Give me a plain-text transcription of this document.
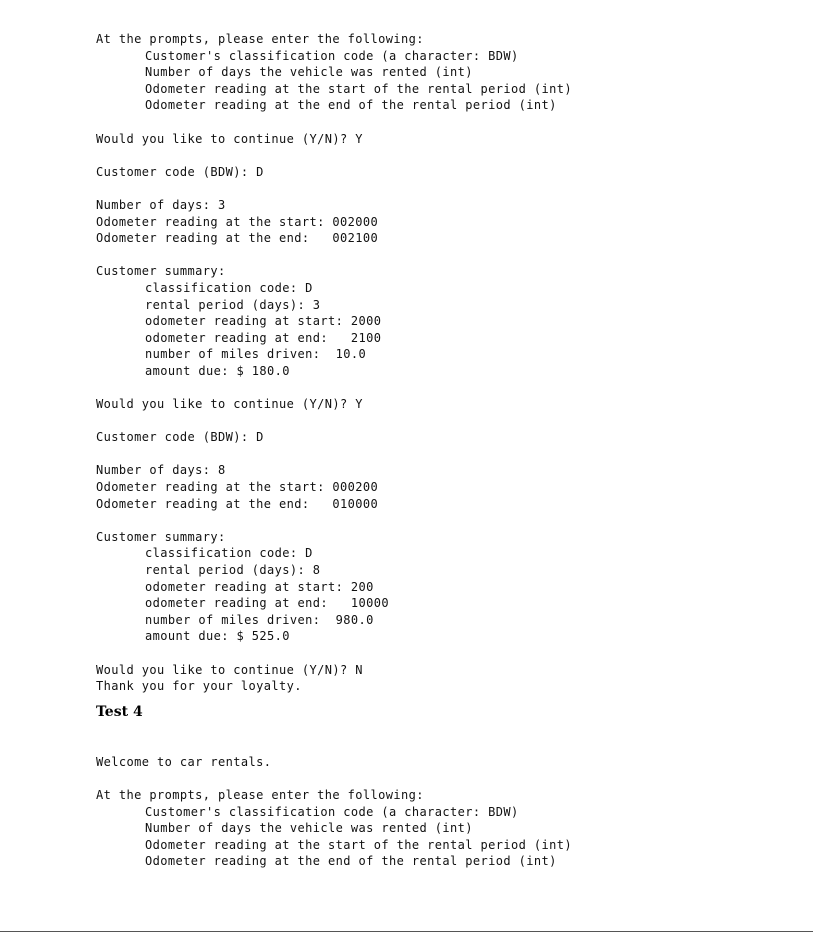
At the prompts, please enter the following:

Customer's classification code (a character: BDW)

Number of days the vehicle was rented (int)

Odometer reading at the start of the rental period (int)

Odometer reading at the end of the rental period (int)

Would you like to continue (Y/N)? Y

Customer code (BDW): D

Number of days: 3

Odometer reading at the start: 002000

Odometer reading at the end:   002100

Customer summary:

classification code: D

rental period (days): 3

odometer reading at start: 2000

odometer reading at end:   2100

number of miles driven:  10.0

amount due: $ 180.0

Would you like to continue (Y/N)? Y

Customer code (BDW): D

Number of days: 8

Odometer reading at the start: 000200

Odometer reading at the end:   010000

Customer summary:

classification code: D

rental period (days): 8

odometer reading at start: 200

odometer reading at end:   10000

number of miles driven:  980.0

amount due: $ 525.0

Would you like to continue (Y/N)? N

Thank you for your loyalty.

Test 4

Welcome to car rentals.

At the prompts, please enter the following:

Customer's classification code (a character: BDW)

Number of days the vehicle was rented (int)

Odometer reading at the start of the rental period (int)

Odometer reading at the end of the rental period (int)
